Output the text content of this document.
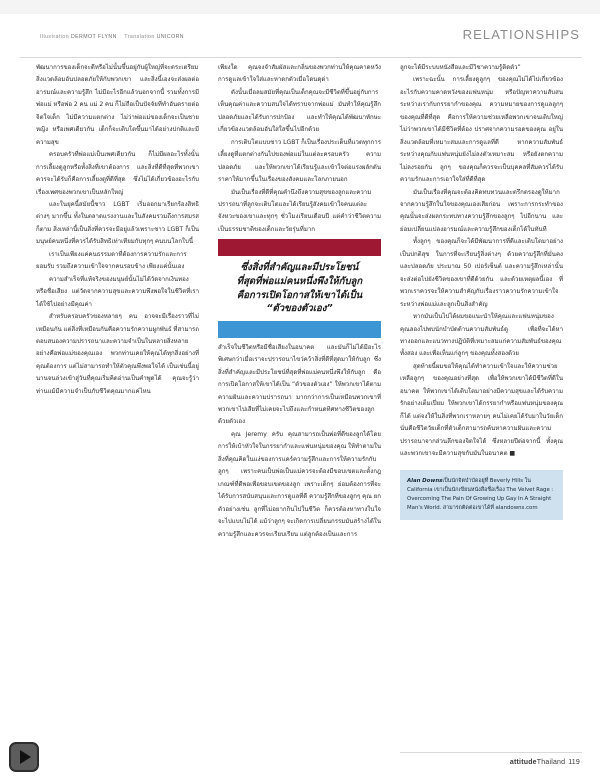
Illustration DERMOT FLYNN Translation UNICORN	RELATIONSHIPS

พัฒนาการของเด็กจะดีหรือไม่นั้นขึ้นอยู่กับผู้ใหญ่ที่จะตระเตรียมสิ่งแวดล้อมอันปลอดภัยให้กับพวกเขา และสิ่งนี้เองจะส่งผลต่ออารมณ์และความรู้สึก ไม่มีอะไรอีกแล้วนอกจากนี้ รวมทั้งการมีพ่อแม่ หรือพ่อ 2 คน แม่ 2 คน ก็ไม่ถือเป็นปัจจัยที่ทำอันตรายต่อจิตใจเด็ก ไม่มีความแตกต่าง ไม่ว่าพ่อแม่ของเด็กจะเป็นชายหญิง หรือเพศเดียวกัน เด็กก็จะเติบโตขึ้นมาได้อย่างปกติและมีความสุข

ครอบครัวที่พ่อแม่เป็นเพศเดียวกัน ก็ไม่มีผลอะไรทั้งนั้น การเลี้ยงดูลูกหรือทั้งสิ่งที่เขาต้องการ และสิ่งที่ดีที่สุดที่พวกเขาควรจะได้รับก็คือการเลี้ยงดูที่ดีที่สุด ซึ่งไม่ได้เกี่ยวข้องอะไรกับเรื่องเพศของพวกเขาเป็นหลักใหญ่

และในยุคนี้สมัยนี้ชาว LGBT เริ่มออกมาเรียกร้องสิทธิต่างๆ มากขึ้น ทั้งในตลาดแรงงานและในสังคมรวมถึงการสมรสก็ตาม สิ่งเหล่านี้เป็นสิ่งที่ควรจะมีอยู่แล้วเพราะชาว LGBT ก็เป็นมนุษย์คนหนึ่งที่ควรได้รับสิทธิเท่าเทียมกับทุกๆ คนบนโลกใบนี้

เราเป็นเพียงแค่คนธรรมดาที่ต้องการความรักและการยอมรับ รวมถึงความเข้าใจจากคนรอบข้าง เพียงแค่นั้นเอง

ความสำเร็จที่แท้จริงของมนุษย์นั้นไม่ได้วัดจากเงินทองหรือชื่อเสียง แต่วัดจากความสุขและความพึงพอใจในชีวิตที่เราได้ใช้ไปอย่างมีคุณค่า

สำหรับครอบครัวของหลายๆ คน อาจจะมีเรื่องราวที่ไม่เหมือนกัน แต่สิ่งที่เหมือนกันคือความรักความผูกพันธ์ ที่สามารถตอบสนองความปรารถนาและความจำเป็นในหลายสิ่งหลายอย่างคือพ่อแม่ของคุณเอง พวกท่านเคยให้คุณได้ทุกสิ่งอย่างที่คุณต้องการ แต่ไม่สามารถทำให้ตัวคุณพึงพอใจได้ เป็นเช่นนี้อยู่นานจนล่วงเข้าสู่วันที่คุณเริ่มคิดอ่านเป็นคำพูดได้ คุณจะรู้ว่าท่านแม้มีความจำเป็นกับชีวิตคุณมากแค่ไหน

เพียงใด คุณจงจำสัมผัสและกลิ่นของพวกท่านให้คุณคาดหวังการดูแลเข้าใจใส่และหาดกตัวเมื่อโดนดุด่า

ดังนั้นเมื่อลมสมัยที่คุณเป็นเด็กคุณจะมีชีวิตที่ขึ้นอยู่กับการเห็นคุณค่าและความสนใจได้ทราบจากพ่อแม่ มันทำให้คุณรู้สึกปลอดภัยและได้รับการปกป้อง และทำให้คุณได้พัฒนาทักษะเกี่ยวข้องแวดล้อมอันใสใสขึ้นไปอีกด้วย

การเติบโตแบบชาว LGBT ก็เป็นเรื่องประเด็นที่แวดทุกการเลี้ยงดูที่แตกต่างกันไปของพ่อแม่ในแต่ละครอบครัว ความปลอดภัย และให้พวกเขาได้เรียนรู้และเข้าใจต่อแรงผลักดันราคาให้มากขึ้นในเรื่องของสังคมและโลกภายนอก

มันเป็นเรื่องที่ดีที่คุณคำนึงถึงความสุขของลูกและความปรารถนาที่ลูกจะเติบโตและได้เรียนรู้สังคมเข้าใจคนแต่ละจังหวะของเขาและทุกๆ ชั่วโมงเรียนเดือนปี แต่คำว่าชีวิตความเป็นธรรมชาติของเด็กและวัยรุ่นที่มาก

ซึ่งสิ่งที่สำคัญและมีประโยชน์
ที่สุดที่พ่อแม่คนหนึ่งพึงให้กับลูก
คือการเปิดโอกาสให้เขาได้เป็น
“ตัวของตัวเอง”

สำเร็จในชีวิตหรือมีชื่อเสียงในอนาคต และมันก็ไม่ได้มีอะไรพิเศษกว่าเมื่อเราจะปรารถนาไขว่คว้าสิ่งที่ดีที่สุดมาให้กับลูก ซึ่งสิ่งที่สำคัญและมีประโยชน์ที่สุดที่พ่อแม่คนหนึ่งพึงให้กับลูก คือการเปิดโอกาสให้เขาได้เป็น “ตัวของตัวเอง” ให้พวกเขาได้ตามความฝันและความปรารถนา มากกว่าการเป็นเหมือนพวกเขาที่พวกเขาไปเสียที่ไม่เคยจะไปถึงและกำหนดทิศทางชีวิตของลูกด้วยตัวเอง

คุณ Jeremy ครับ คุณสามารถเป็นพ่อที่ดีของลูกได้โดยการให้เบ้าหัวใจในกรรยากำและแฟนหนุ่มของคุณ ให้ทำตามในสิ่งที่คุณคิดในแง่ของการแคร์ความรู้สึกและการให้ความรักกับลูกๆ เพราะคนเป็นพ่อเป็นแม่ควรจะต้องมีขอบเขตและตั้งกฎเกณฑ์ที่ดีพอเพื่อขอบเขตของลูก เพราะเด็กๆ ย่อมต้องการที่จะได้รับการสนับสนุนและการดูแลที่ดี ความรู้สึกที่ของลูกๆ คุณ ยกตัวอย่างเช่น ลูกที่ไม่อยากกินไปในชีวิต ก็ควรต้องหาทางในใจจะไปแบบไม่ได้ แม้ว่าลูกๆ จะเกิดการเปลี่ยนกรรมมันสร้างได้ในความรู้สึกและควรจะเรียบเรียน แต่ลูกต้องเป็นและการ

ลูกจะได้มีระบบหนังสือและมีวิชาความรู้ติดตัว”

เพราะฉะนั้น การเลี้ยงดูลูกๆ ของคุณไม่ได้ไปเกี่ยวข้องอะไรกับความคาดหวังของแฟนหนุ่ม หรือปัญหาความสับสนระหว่างเรากับกรรยากำของคุณ ความหมายของการดูแลลูกๆ ของคุณที่ดีที่สุด คือการให้ความช่วยเหลือพวกเขาจนเติบใหญ่ ไม่ว่าพวกเขาได้มีชีวิตที่ต้อง ปราศจากความรอดของคุณ อยู่ในสิ่งแวดล้อมที่เหมาะสมและการดูแลที่ดี หากความสัมพันธ์ระหว่างคุณกับแฟนหนุ่มยังไม่ลงตัวเหมาะสม หรือยังตกความไม่ลงรอยกัน ลูกๆ ของคุณก็ควรจะเป็นบุคคลที่สัมควรได้รับความรักและการเอาใจใส่ที่ดีที่สุด

มันเป็นเรื่องที่คุณจะต้องคิดทบทวนและตรึกตรองดูให้มากจากความรู้สึกในใจของคุณเองเสียก่อน เพราะการกระทำของคุณนั้นจะส่งผลกระทบทางความรู้สึกของลูกๆ ไปอีกนาน และย่อมเปลี่ยนแปลงอารมณ์และความรู้สึกของเด็กได้ในทันที

ทั้งลูกๆ ของคุณก็จะได้มีพัฒนาการที่ดีและเติบโตมาอย่างเป็นปกติสุข ในการที่จะเรียนรู้สิ่งต่างๆ ด้วยความรู้สึกที่มั่นคงและปลอดภัย ประมาณ 50 เปอร์เซ็นต์ และความรู้สึกเหล่านั้นจะส่งต่อไปยังชีวิตของเขาที่ดีด้วยกัน และด้วยเหตุผลนี้เอง ที่พวกเราควรจะให้ความสำคัญกับเรื่องราวความรักความเข้าใจระหว่างพ่อแม่และลูกเป็นสิ่งสำคัญ

หากมันเป็นไปได้ผมขอแนะนำให้คุณและแฟนหนุ่มของคุณลองไปพบนักบำบัดด้านความสัมพันธ์ดู เพื่อที่จะได้หาทางออกและแนวทางปฏิบัติที่เหมาะสมแก่ความสัมพันธ์ของคุณทั้งสอง และเพื่อเห็นแก่ลูกๆ ของคุณทั้งสองด้วย

สุดท้ายนี้ผมขอให้คุณได้ทำความเข้าใจและให้ความช่วยเหลือลูกๆ ของคุณอย่างที่สุด เพื่อให้พวกเขาได้มีชีวิตที่ดีในอนาคต ให้พวกเขาได้เติบโตมาอย่างมีความสุขและได้รับความรักอย่างเต็มเปี่ยม ให้พวกเขาได้กรรยากำหรือแฟนหนุ่มของคุณก็ได้ แต่จงให้ในสิ่งที่พวกเราหลายๆ คนไม่เคยได้รับมาในวัยเด็ก นั่นคือชีวิตวัยเด็กที่ตัวเด็กสามารถค้นหาความฝันและความปรารถนาจากส่วนลึกของจิตใจได้ ซึ่งหลายปีต่อจากนี้ ทั้งคุณและพวกเขาจะมีความสุขกับมันในอนาคต ■

Alan Downsเป็นนักจิตบำบัดอยู่ที่ Beverly Hills ใน California เขาเป็นนักเขียนหนังสือชื่อเรื่อง The Velvet Rage : Overcoming The Pain Of Growing Up Gay In A Straight Man's World. สามารถติดต่อเขาได้ที่ alandowns.com

attitudeThailand 119
